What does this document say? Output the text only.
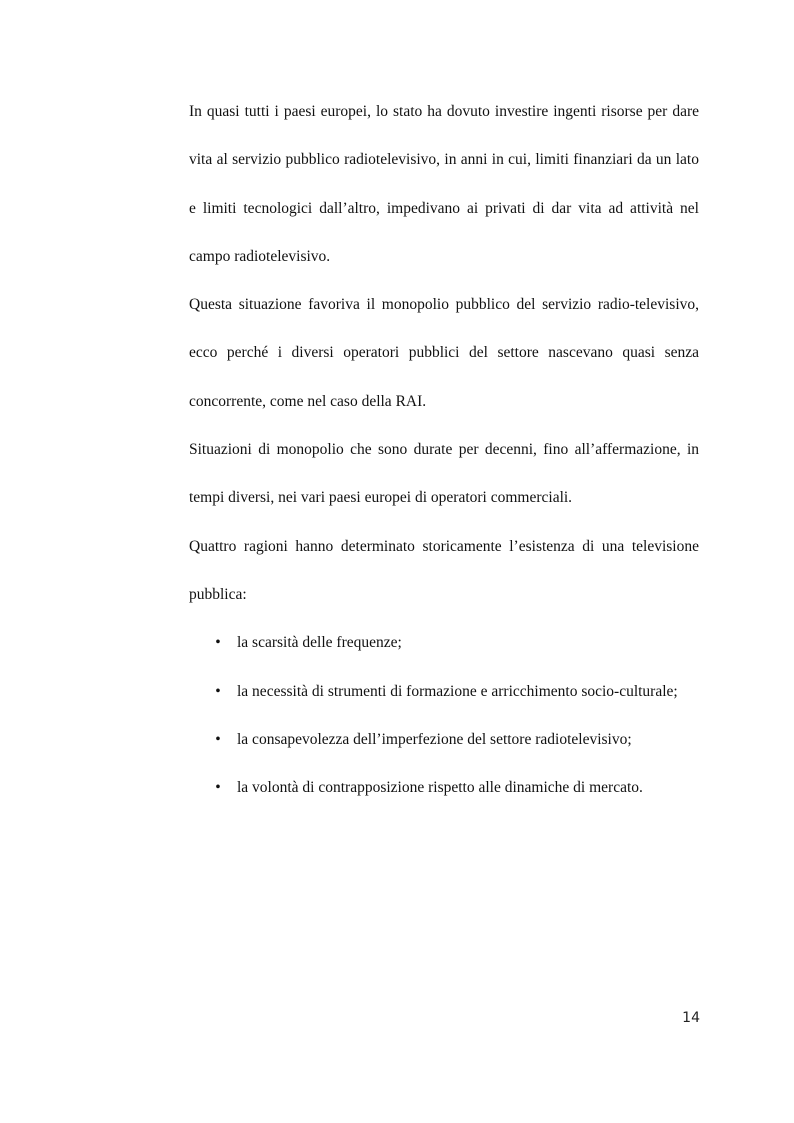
In quasi tutti i paesi europei, lo stato ha dovuto investire ingenti risorse per dare vita al servizio pubblico radiotelevisivo, in anni in cui, limiti finanziari da un lato e limiti tecnologici dall’altro, impedivano ai privati di dar vita ad attività nel campo radiotelevisivo.

Questa situazione favoriva il monopolio pubblico del servizio radio-televisivo, ecco perché i diversi operatori pubblici del settore nascevano quasi senza concorrente, come nel caso della RAI.

Situazioni di monopolio che sono durate per decenni, fino all’affermazione, in tempi diversi, nei vari paesi europei di operatori commerciali.

Quattro ragioni hanno determinato storicamente l’esistenza di una televisione pubblica:

• la scarsità delle frequenze;
• la necessità di strumenti di formazione e arricchimento socio-culturale;
• la consapevolezza dell’imperfezione del settore radiotelevisivo;
• la volontà di contrapposizione rispetto alle dinamiche di mercato.
14
